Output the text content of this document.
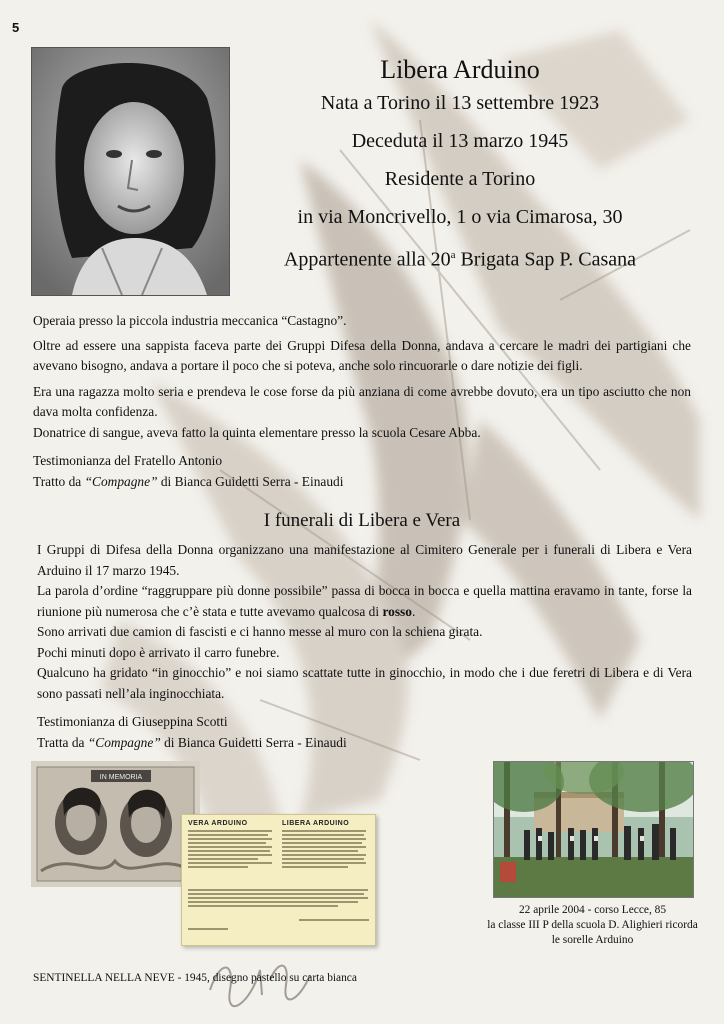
5
Libera Arduino
Nata a Torino il 13 settembre 1923
Deceduta il 13 marzo 1945
Residente a Torino
in via Moncrivello, 1 o via Cimarosa, 30
Appartenente alla 20$^a$ Brigata Sap P. Casana

Operaia presso la piccola industria meccanica “Castagno”.

Oltre ad essere una sappista faceva parte dei Gruppi Difesa della Donna, andava a cercare le madri dei partigiani che avevano bisogno, andava a portare il poco che si poteva, anche solo rincuorarle o dare notizie dei figli.

Era una ragazza molto seria e prendeva le cose forse da più anziana di come avrebbe dovuto, era un tipo asciutto che non dava molta confidenza.

Donatrice di sangue, aveva fatto la quinta elementare presso la scuola Cesare Abba.

Testimonianza del Fratello Antonio

Tratto da “Compagne” di Bianca Guidetti Serra - Einaudi

I funerali di Libera e Vera

I Gruppi di Difesa della Donna organizzano una manifestazione al Cimitero Generale per i funerali di Libera e Vera Arduino il 17 marzo 1945.

La parola d’ordine “raggruppare più donne possibile” passa di bocca in bocca e quella mattina eravamo in tante, forse la riunione più numerosa che c’è stata e tutte avevamo qualcosa di rosso.

Sono arrivati due camion di fascisti e ci hanno messe al muro con la schiena girata.

Pochi minuti dopo è arrivato il carro funebre.

Qualcuno ha gridato “in ginocchio” e noi siamo scattate tutte in ginocchio, in modo che i due feretri di Libera e di Vera sono passati nell’ala inginocchiata.

Testimonianza di Giuseppina Scotti

Tratta da “Compagne” di Bianca Guidetti Serra - Einaudi

IN MEMORIA
VERA ARDUINO	LIBERA ARDUINO
22 aprile 2004 - corso Lecce, 85
la classe III P della scuola D. Alighieri ricorda
le sorelle Arduino
SENTINELLA NELLA NEVE - 1945, disegno pastello su carta bianca
